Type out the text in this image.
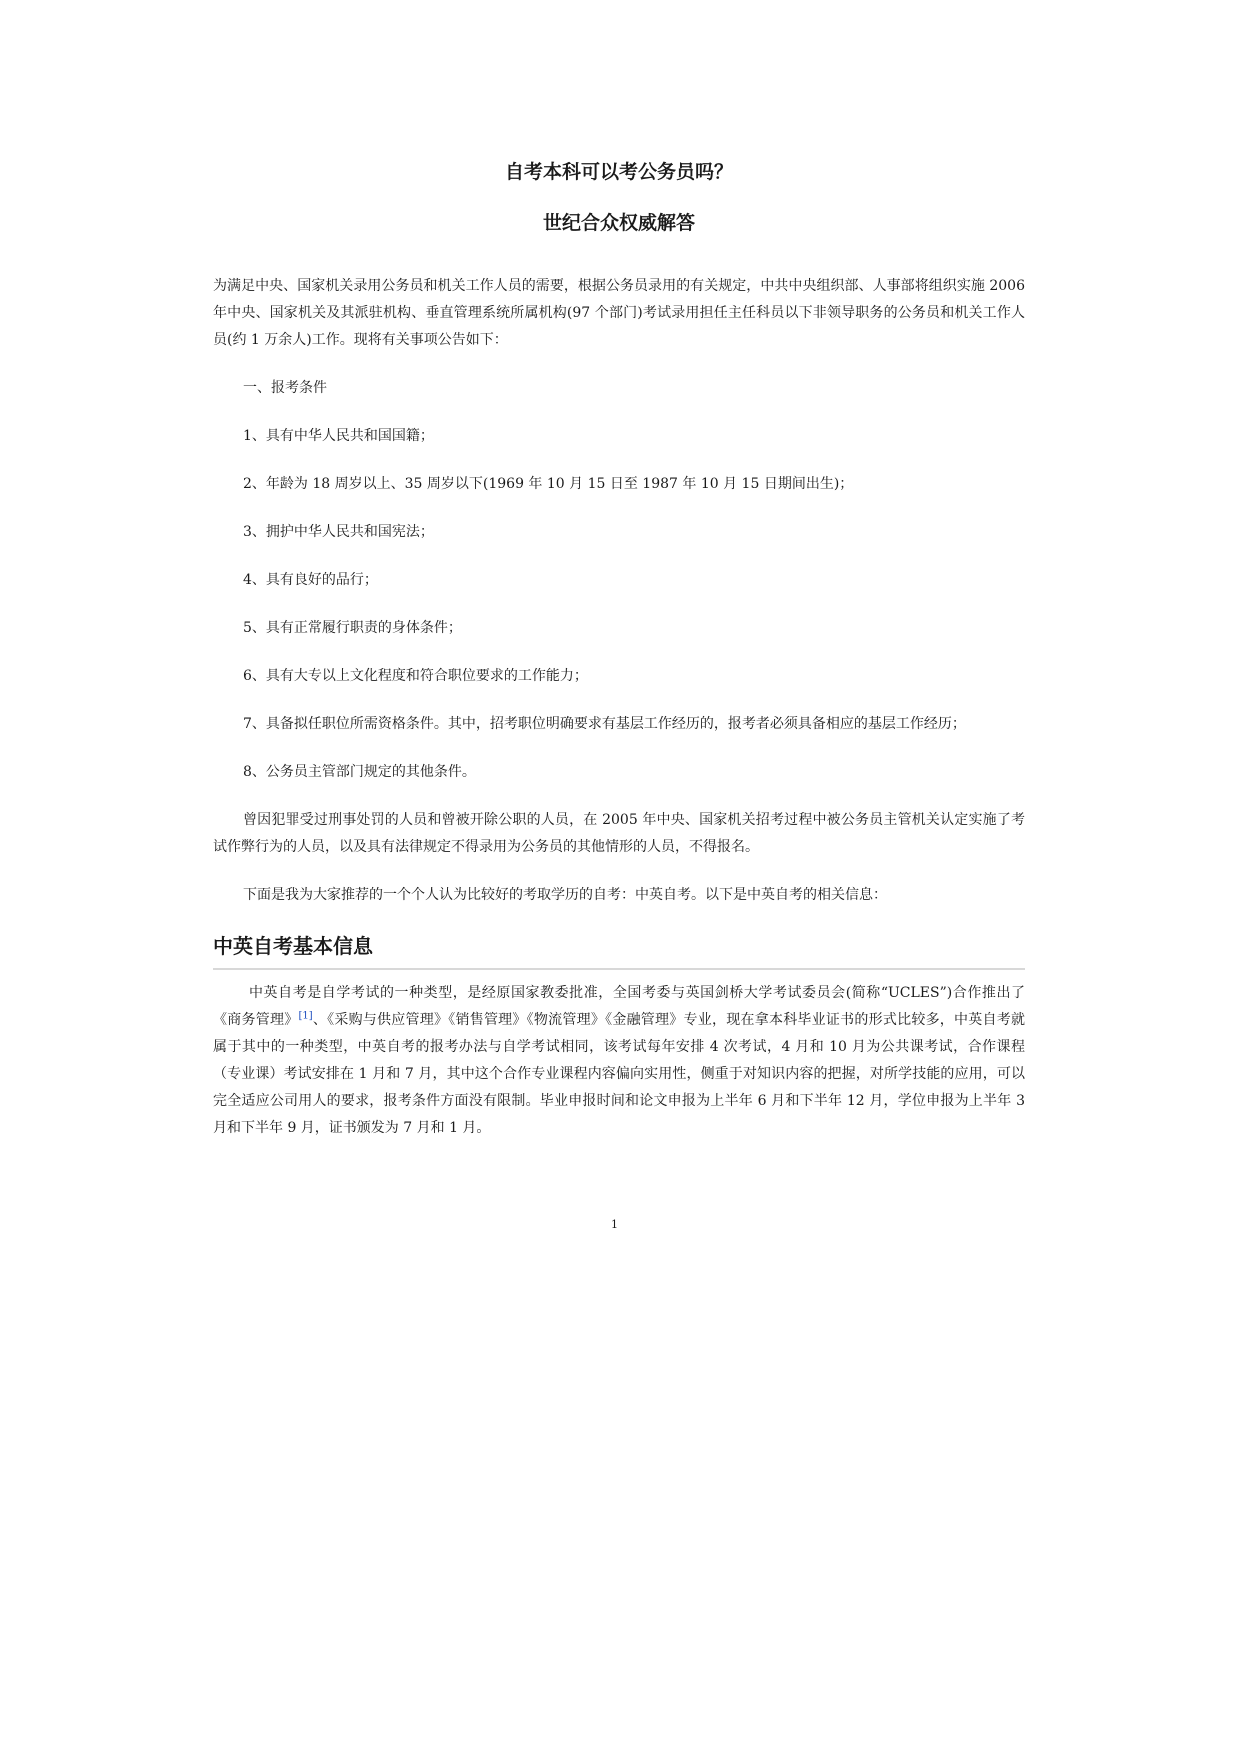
自考本科可以考公务员吗？
世纪合众权威解答

为满足中央、国家机关录用公务员和机关工作人员的需要，根据公务员录用的有关规定，中共中央组织部、人事部将组织实施 2006 年中央、国家机关及其派驻机构、垂直管理系统所属机构(97 个部门)考试录用担任主任科员以下非领导职务的公务员和机关工作人员(约 1 万余人)工作。现将有关事项公告如下：

一、报考条件

1、具有中华人民共和国国籍；

2、年龄为 18 周岁以上、35 周岁以下(1969 年 10 月 15 日至 1987 年 10 月 15 日期间出生)；

3、拥护中华人民共和国宪法；

4、具有良好的品行；

5、具有正常履行职责的身体条件；

6、具有大专以上文化程度和符合职位要求的工作能力；

7、具备拟任职位所需资格条件。其中，招考职位明确要求有基层工作经历的，报考者必须具备相应的基层工作经历；

8、公务员主管部门规定的其他条件。

曾因犯罪受过刑事处罚的人员和曾被开除公职的人员，在 2005 年中央、国家机关招考过程中被公务员主管机关认定实施了考试作弊行为的人员，以及具有法律规定不得录用为公务员的其他情形的人员，不得报名。

下面是我为大家推荐的一个个人认为比较好的考取学历的自考：中英自考。以下是中英自考的相关信息：

中英自考基本信息

中英自考是自学考试的一种类型，是经原国家教委批准，全国考委与英国剑桥大学考试委员会(简称“UCLES”)合作推出了《商务管理》[1]、《采购与供应管理》《销售管理》《物流管理》《金融管理》专业，现在拿本科毕业证书的形式比较多，中英自考就属于其中的一种类型，中英自考的报考办法与自学考试相同，该考试每年安排 4 次考试，4 月和 10 月为公共课考试，合作课程（专业课）考试安排在 1 月和 7 月，其中这个合作专业课程内容偏向实用性，侧重于对知识内容的把握，对所学技能的应用，可以完全适应公司用人的要求，报考条件方面没有限制。毕业申报时间和论文申报为上半年 6 月和下半年 12 月，学位申报为上半年 3 月和下半年 9 月，证书颁发为 7 月和 1 月。

1
